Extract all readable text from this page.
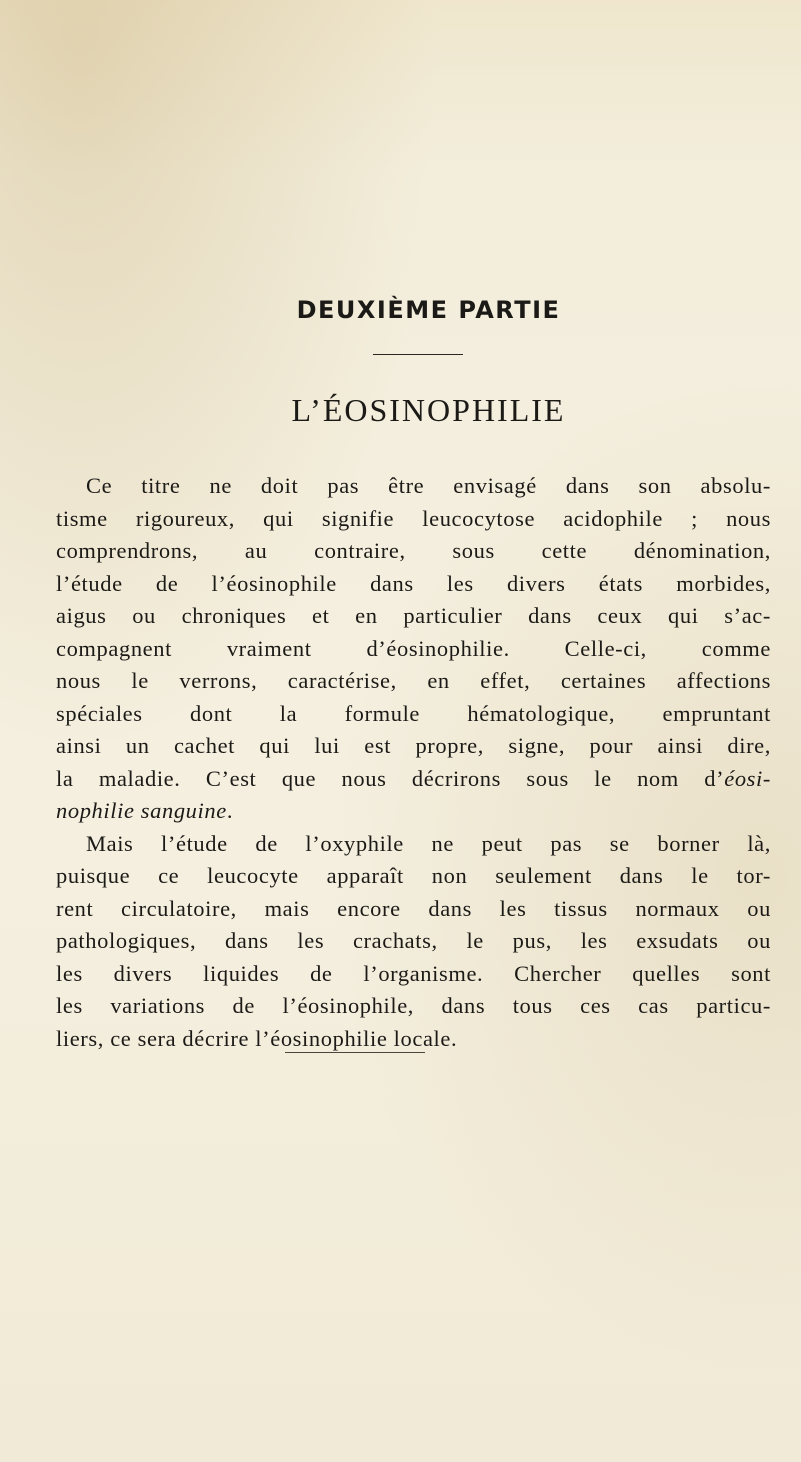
DEUXIÈME PARTIE
L’ÉOSINOPHILIE
Ce titre ne doit pas être envisagé dans son absolu-
tisme rigoureux, qui signifie leucocytose acidophile ; nous
comprendrons, au contraire, sous cette dénomination,
l’étude de l’éosinophile dans les divers états morbides,
aigus ou chroniques et en particulier dans ceux qui s’ac-
compagnent vraiment d’éosinophilie. Celle-ci, comme
nous le verrons, caractérise, en effet, certaines affections
spéciales dont la formule hématologique, empruntant
ainsi un cachet qui lui est propre, signe, pour ainsi dire,
la maladie. C’est que nous décrirons sous le nom d’éosi-
nophilie sanguine.
Mais l’étude de l’oxyphile ne peut pas se borner là,
puisque ce leucocyte apparaît non seulement dans le tor-
rent circulatoire, mais encore dans les tissus normaux ou
pathologiques, dans les crachats, le pus, les exsudats ou
les divers liquides de l’organisme. Chercher quelles sont
les variations de l’éosinophile, dans tous ces cas particu-
liers, ce sera décrire l’éosinophilie locale.
